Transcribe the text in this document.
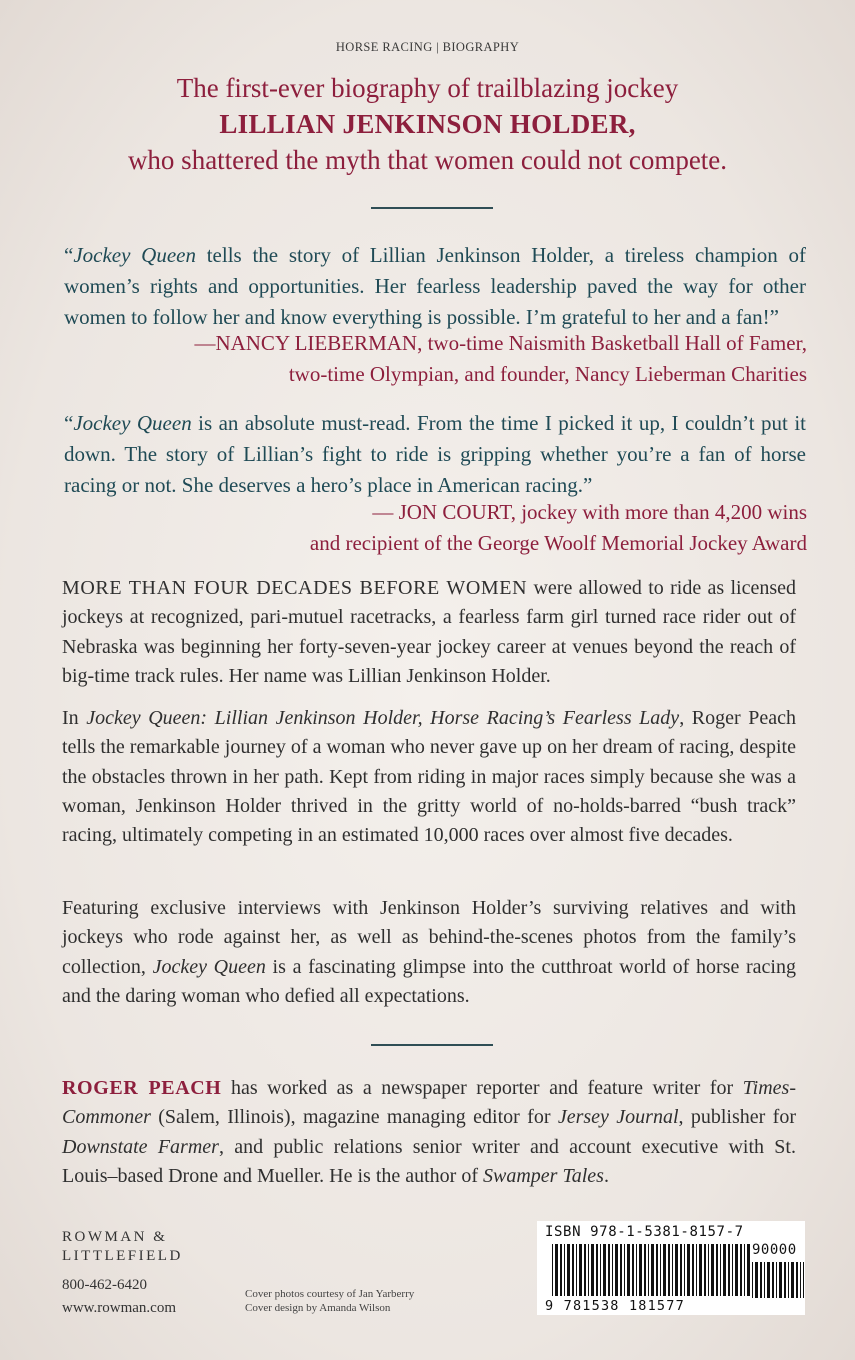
HORSE RACING | BIOGRAPHY
The first-ever biography of trailblazing jockey
LILLIAN JENKINSON HOLDER,
who shattered the myth that women could not compete.
“Jockey Queen tells the story of Lillian Jenkinson Holder, a tireless champion of women’s rights and opportunities. Her fearless leadership paved the way for other women to follow her and know everything is possible. I’m grateful to her and a fan!”
—NANCY LIEBERMAN, two-time Naismith Basketball Hall of Famer,
two-time Olympian, and founder, Nancy Lieberman Charities
“Jockey Queen is an absolute must-read. From the time I picked it up, I couldn’t put it down. The story of Lillian’s fight to ride is gripping whether you’re a fan of horse racing or not. She deserves a hero’s place in American racing.”
— JON COURT, jockey with more than 4,200 wins
and recipient of the George Woolf Memorial Jockey Award
MORE THAN FOUR DECADES BEFORE WOMEN were allowed to ride as licensed jockeys at recognized, pari-mutuel racetracks, a fearless farm girl turned race rider out of Nebraska was beginning her forty-seven-year jockey career at venues beyond the reach of big-time track rules. Her name was Lillian Jenkinson Holder.
In Jockey Queen: Lillian Jenkinson Holder, Horse Racing’s Fearless Lady, Roger Peach tells the remarkable journey of a woman who never gave up on her dream of racing, despite the obstacles thrown in her path. Kept from riding in major races simply because she was a woman, Jenkinson Holder thrived in the gritty world of no-holds-barred “bush track” racing, ultimately competing in an estimated 10,000 races over almost five decades.
Featuring exclusive interviews with Jenkinson Holder’s surviving relatives and with jockeys who rode against her, as well as behind-the-scenes photos from the family’s collection, Jockey Queen is a fascinating glimpse into the cutthroat world of horse racing and the daring woman who defied all expectations.
ROGER PEACH has worked as a newspaper reporter and feature writer for Times-Commoner (Salem, Illinois), magazine managing editor for Jersey Journal, publisher for Downstate Farmer, and public relations senior writer and account executive with St. Louis–based Drone and Mueller. He is the author of Swamper Tales.
ROWMAN &
LITTLEFIELD
800-462-6420
www.rowman.com
Cover photos courtesy of Jan Yarberry
Cover design by Amanda Wilson
ISBN 978-1-5381-8157-7
90000
9 781538 181577
